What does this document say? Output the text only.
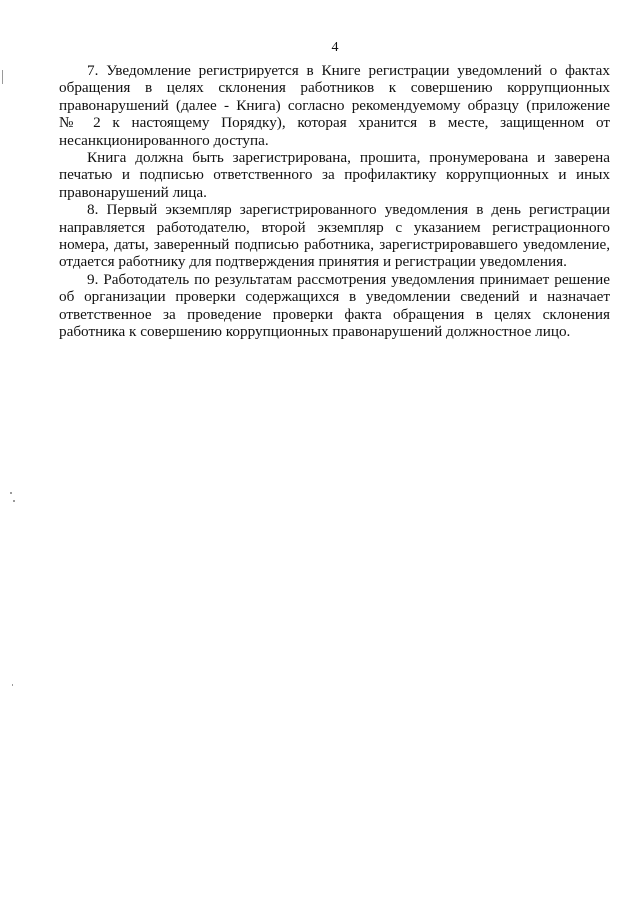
4

7. Уведомление регистрируется в Книге регистрации уведомлений о фактах
обращения в целях склонения работников к совершению коррупционных
правонарушений (далее - Книга) согласно рекомендуемому образцу (приложение
№ 2 к настоящему Порядку), которая хранится в месте, защищенном от
несанкционированного доступа.

Книга должна быть зарегистрирована, прошита, пронумерована и заверена
печатью и подписью ответственного за профилактику коррупционных и иных
правонарушений лица.

8. Первый экземпляр зарегистрированного уведомления в день регистрации
направляется работодателю, второй экземпляр с указанием регистрационного
номера, даты, заверенный подписью работника, зарегистрировавшего уведомление,
отдается работнику для подтверждения принятия и регистрации уведомления.

9. Работодатель по результатам рассмотрения уведомления принимает решение
об организации проверки содержащихся в уведомлении сведений и назначает
ответственное за проведение проверки факта обращения в целях склонения
работника к совершению коррупционных правонарушений должностное лицо.
